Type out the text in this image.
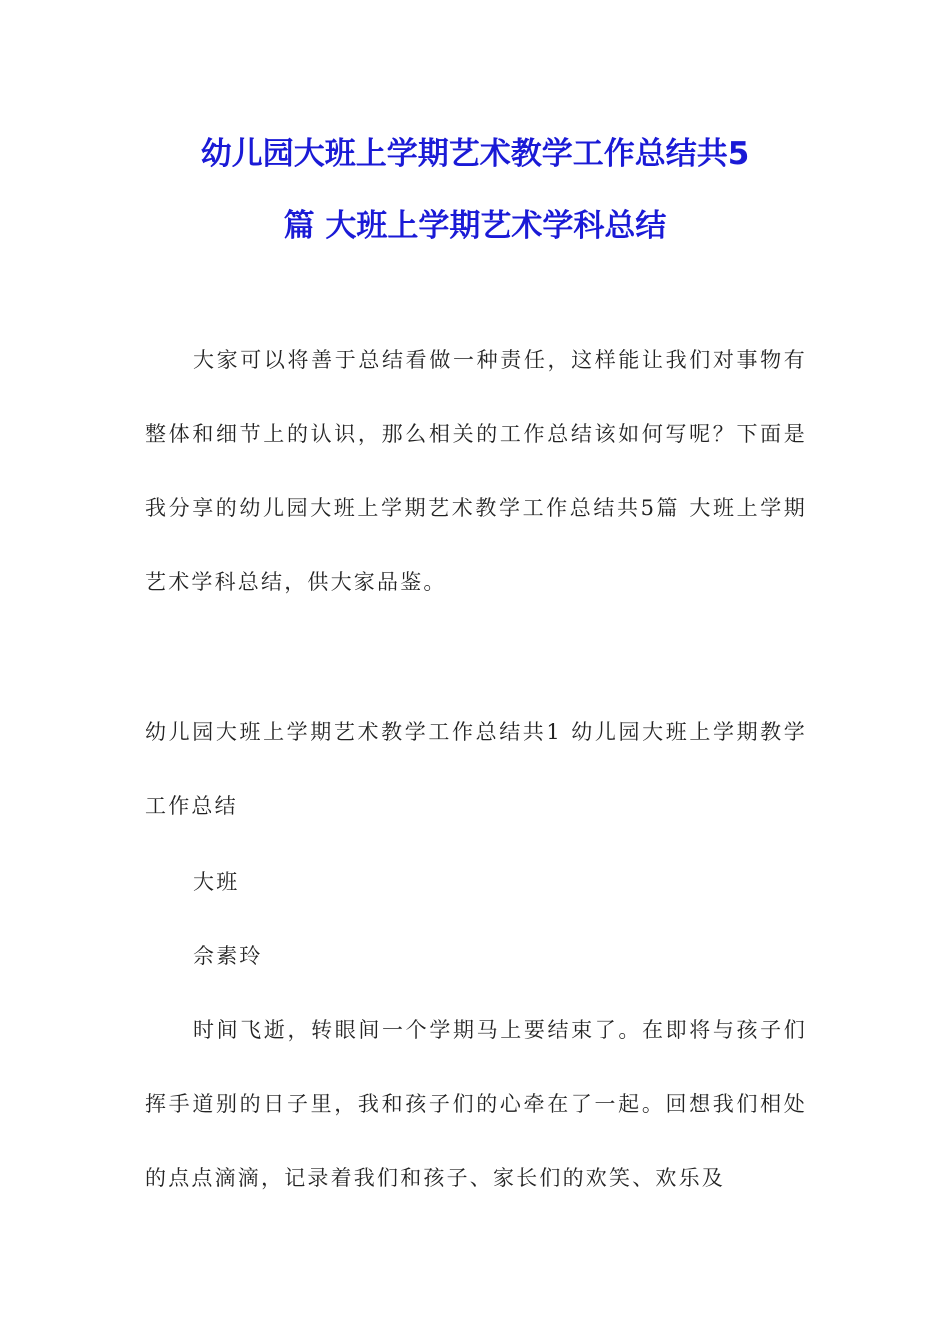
幼儿园大班上学期艺术教学工作总结共5
篇 大班上学期艺术学科总结

大家可以将善于总结看做一种责任，这样能让我们对事物有整体和细节上的认识，那么相关的工作总结该如何写呢？下面是我分享的幼儿园大班上学期艺术教学工作总结共5篇 大班上学期艺术学科总结，供大家品鉴。

幼儿园大班上学期艺术教学工作总结共1 幼儿园大班上学期教学工作总结

大班

佘素玲

时间飞逝，转眼间一个学期马上要结束了。在即将与孩子们挥手道别的日子里，我和孩子们的心牵在了一起。回想我们相处的点点滴滴，记录着我们和孩子、家长们的欢笑、欢乐及
